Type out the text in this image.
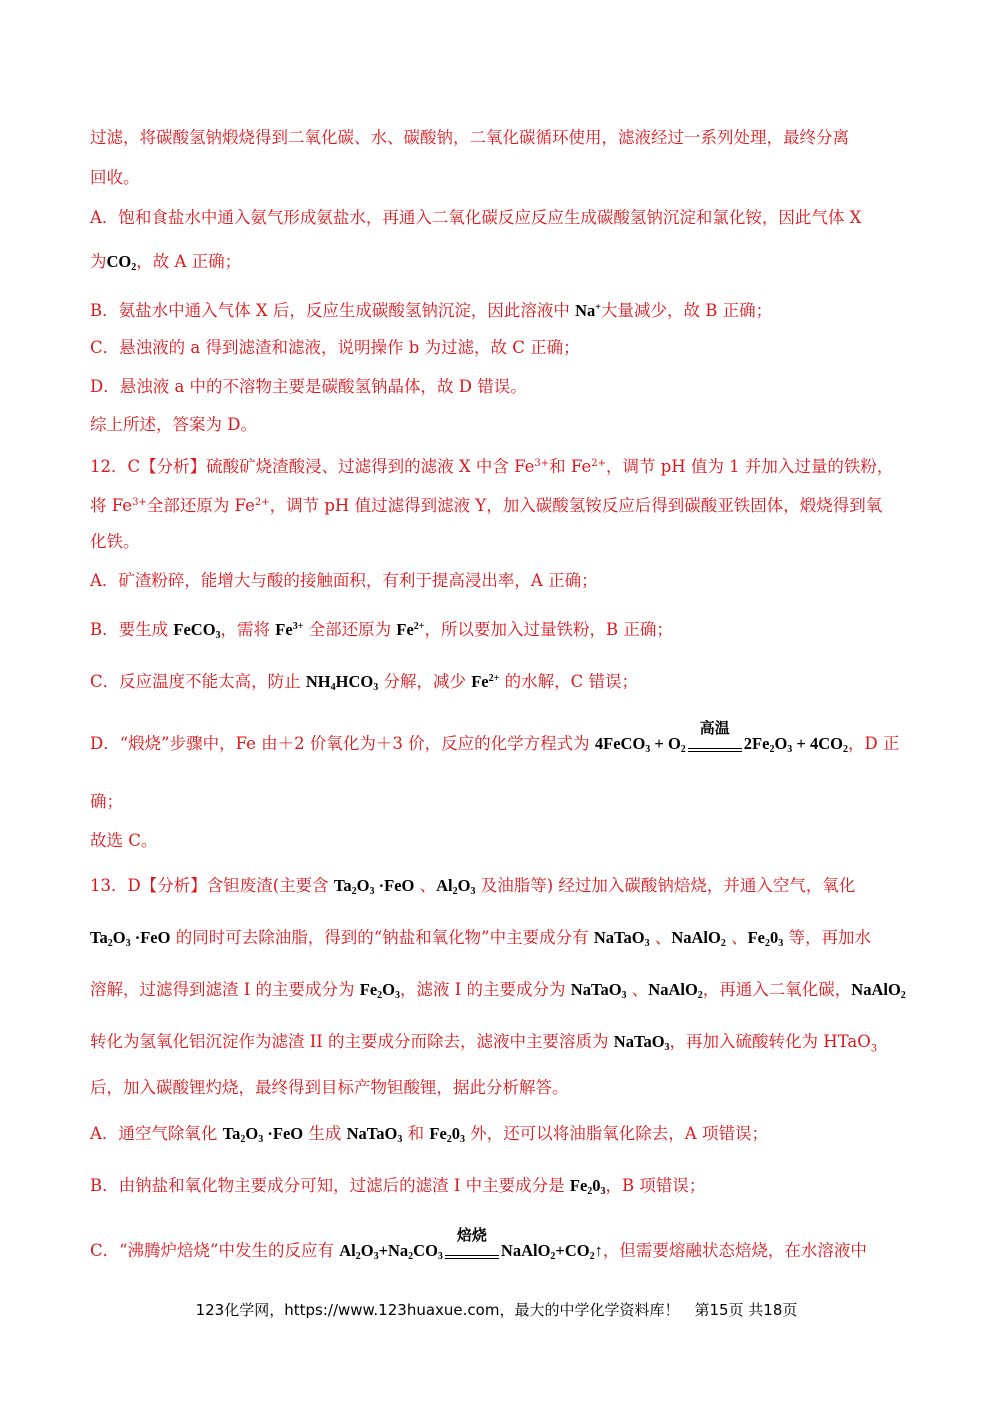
过滤，将碳酸氢钠煅烧得到二氧化碳、水、碳酸钠，二氧化碳循环使用，滤液经过一系列处理，最终分离
回收。
A．饱和食盐水中通入氨气形成氨盐水，再通入二氧化碳反应反应生成碳酸氢钠沉淀和氯化铵，因此气体 X
为$CO_2$，故 A 正确；
B．氨盐水中通入气体 X 后，反应生成碳酸氢钠沉淀，因此溶液中 Na+大量减少，故 B 正确；
C．悬浊液的 a 得到滤渣和滤液，说明操作 b 为过滤，故 C 正确；
D．悬浊液 a 中的不溶物主要是碳酸氢钠晶体，故 D 错误。
综上所述，答案为 D。
12．C【分析】硫酸矿烧渣酸浸、过滤得到的滤液 X 中含 $Fe^{3+}$和 $Fe^{2+}$，调节 pH 值为 1 并加入过量的铁粉，
将 $Fe^{3+}$全部还原为 $Fe^{2+}$，调节 pH 值过滤得到滤液 Y，加入碳酸氢铵反应后得到碳酸亚铁固体，煅烧得到氧
化铁。
A．矿渣粉碎，能增大与酸的接触面积，有利于提高浸出率，A 正确；
B．要生成 FeCO$_3$，需将 $Fe^{3+}$ 全部还原为 $Fe^{2+}$，所以要加入过量铁粉，B 正确；
C．反应温度不能太高，防止 $NH_4HCO_3$ 分解，减少 $Fe^{2+}$ 的水解，C 错误；
D．“煅烧”步骤中，Fe 由＋2 价氧化为＋3 价，反应的化学方程式为 4FeCO$_3$ + $O_2$
高温
$2Fe_2O_3 + 4CO_2$，D 正
确；
故选 C。
13．D【分析】含钽废渣(主要含 $Ta_2O_3 \cdot FeO$ 、$Al_2O_3$ 及油脂等) 经过加入碳酸钠焙烧，并通入空气，氧化
$Ta_2O_3 \cdot FeO$ 的同时可去除油脂，得到的“钠盐和氧化物”中主要成分有 NaTaO$_3$ 、NaAlO$_2$ 、$Fe_20_3$ 等，再加水
溶解，过滤得到滤渣 I 的主要成分为 $Fe_2O_3$，滤液 I 的主要成分为 NaTaO$_3$ 、NaAlO$_2$，再通入二氧化碳，NaAlO$_2$
转化为氢氧化铝沉淀作为滤渣 II 的主要成分而除去，滤液中主要溶质为 NaTaO$_3$，再加入硫酸转化为 HTaO$_3$
后，加入碳酸锂灼烧，最终得到目标产物钽酸锂，据此分析解答。
A．通空气除氧化 $Ta_2O_3 \cdot FeO$ 生成 NaTaO$_3$ 和 $Fe_20_3$ 外，还可以将油脂氧化除去，A 项错误；
B．由钠盐和氧化物主要成分可知，过滤后的滤渣 I 中主要成分是 $Fe_20_3$，B 项错误；
C．“沸腾炉焙烧”中发生的反应有 $Al_2O_3+Na_2CO_3$
焙烧
$NaAlO_2+CO_2↑$，但需要熔融状态焙烧，在水溶液中
123化学网，https://www.123huaxue.com，最大的中学化学资料库！　第15页 共18页
